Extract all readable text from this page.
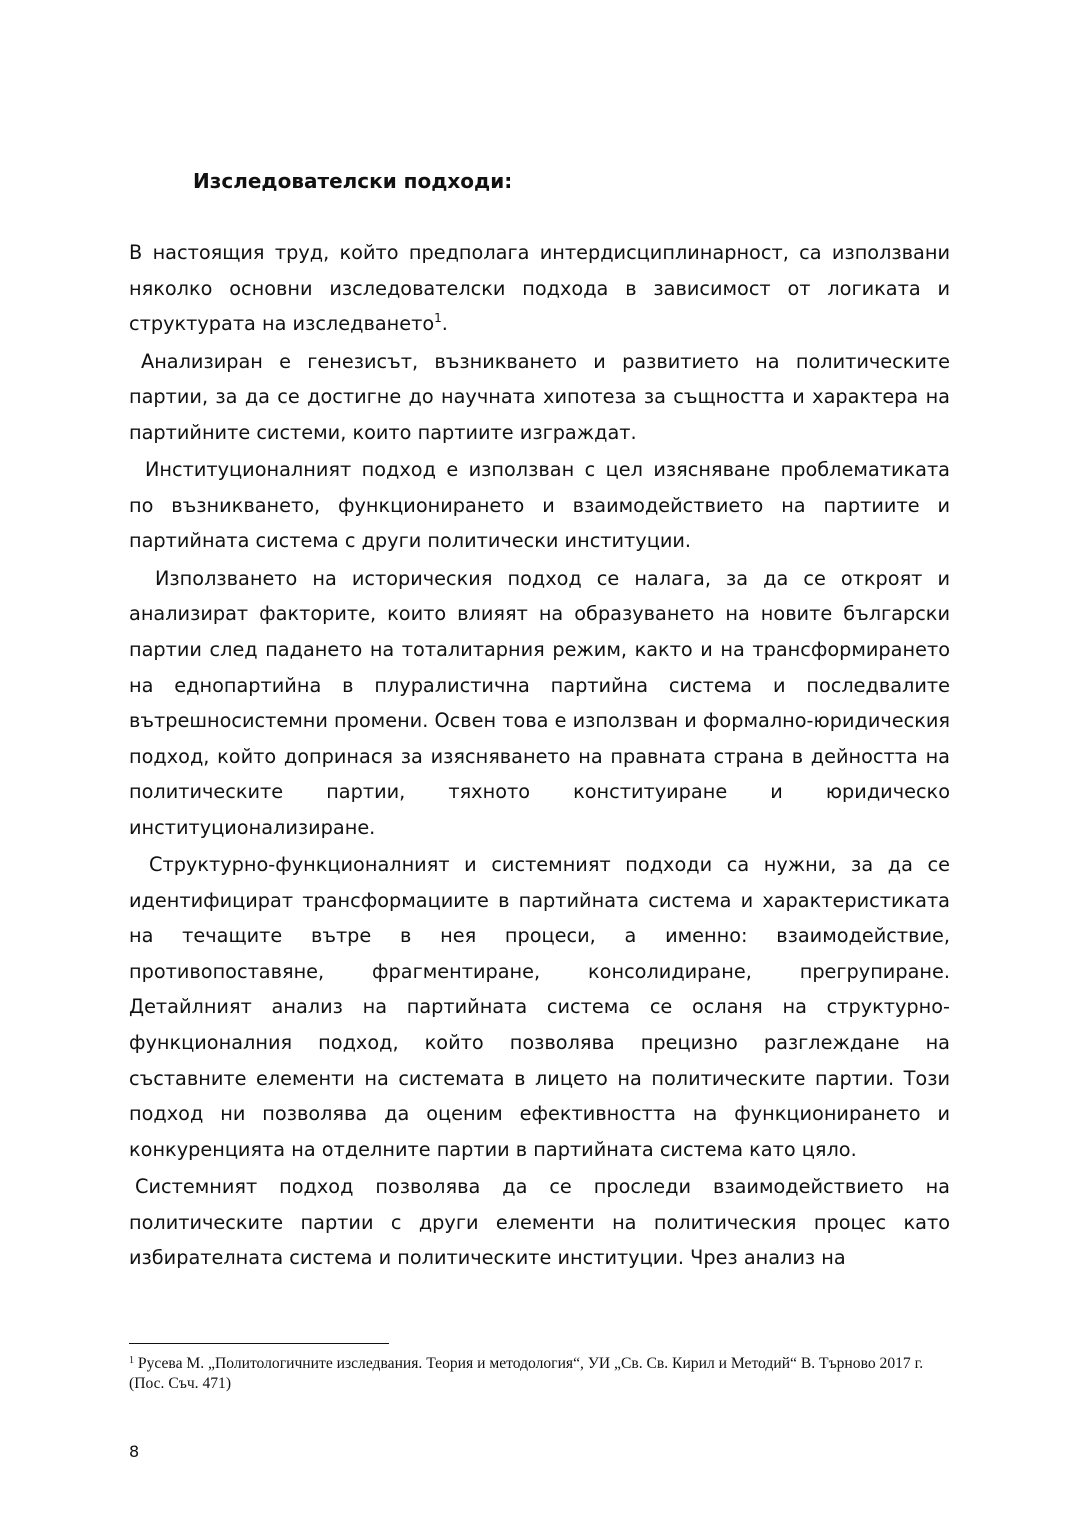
Изследователски подходи:

В настоящия труд, който предполага интердисциплинарност, са използвани няколко основни изследователски подхода в зависимост от логиката и структурата на изследването$^1$.

Анализиран е генезисът, възникването и развитието на политическите партии, за да се достигне до научната хипотеза за същността и характера на партийните системи, които партиите изграждат.

Институционалният подход е използван с цел изясняване проблематиката по възникването, функционирането и взаимодействието на партиите и партийната система с други политически институции.

Използването на историческия подход се налага, за да се откроят и анализират факторите, които влияят на образуването на новите български партии след падането на тоталитарния режим, както и на трансформирането на еднопартийна в плуралистична партийна система и последвалите вътрешносистемни промени. Освен това е използван и формално-юридическия подход, който допринася за изясняването на правната страна в дейността на политическите партии, тяхното конституиране и юридическо институционализиране.

Структурно-функционалният и системният подходи са нужни, за да се идентифицират трансформациите в партийната система и характеристиката на течащите вътре в нея процеси, а именно: взаимодействие, противопоставяне, фрагментиране, консолидиране, прегрупиране. Детайлният анализ на партийната система се осланя на структурно-функционалния подход, който позволява прецизно разглеждане на съставните елементи на системата в лицето на политическите партии. Този подход ни позволява да оценим ефективността на функционирането и конкуренцията на отделните партии в партийната система като цяло.

Системният подход позволява да се проследи взаимодействието на политическите партии с други елементи на политическия процес като избирателната система и политическите институции. Чрез анализ на

$^1$ Русева М. „Политологичните изследвания. Теория и методология“, УИ „Св. Св. Кирил и Методий“ В. Търново 2017 г. (Пос. Съч. 471)
8
